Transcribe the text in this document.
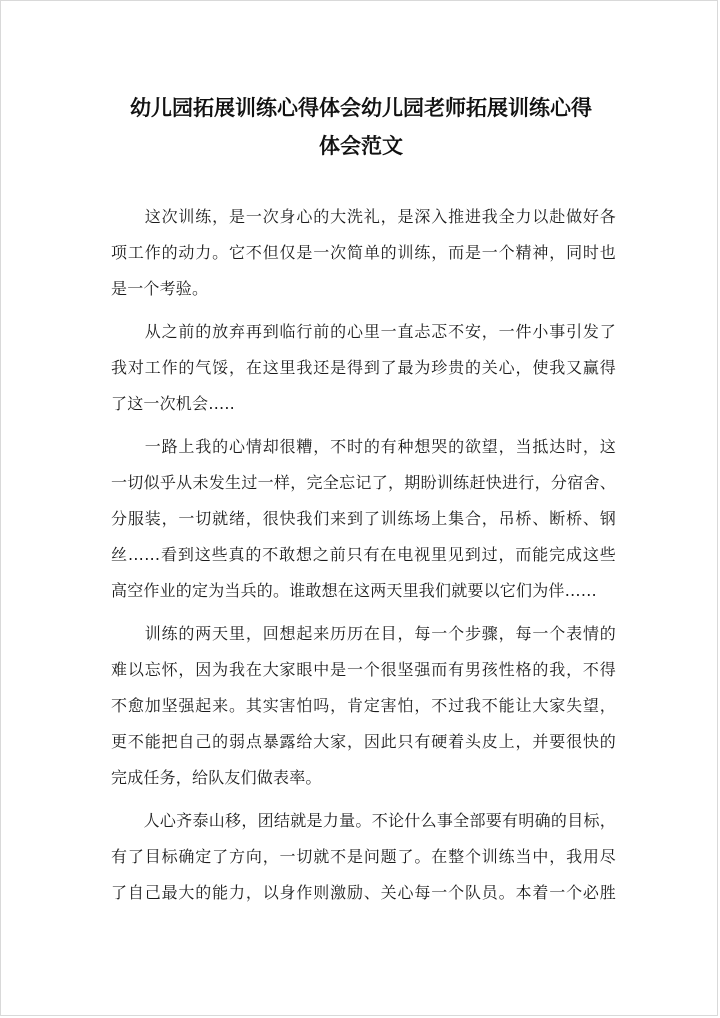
幼儿园拓展训练心得体会幼儿园老师拓展训练心得
体会范文
　　这次训练，是一次身心的大洗礼，是深入推进我全力以赴做好各
项工作的动力。它不但仅是一次简单的训练，而是一个精神，同时也
是一个考验。
　　从之前的放弃再到临行前的心里一直忐忑不安，一件小事引发了
我对工作的气馁，在这里我还是得到了最为珍贵的关心，使我又赢得
了这一次机会…..
　　一路上我的心情却很糟，不时的有种想哭的欲望，当抵达时，这
一切似乎从未发生过一样，完全忘记了，期盼训练赶快进行，分宿舍、
分服装，一切就绪，很快我们来到了训练场上集合，吊桥、断桥、钢
丝……看到这些真的不敢想之前只有在电视里见到过，而能完成这些
高空作业的定为当兵的。谁敢想在这两天里我们就要以它们为伴……
　　训练的两天里，回想起来历历在目，每一个步骤，每一个表情的
难以忘怀，因为我在大家眼中是一个很坚强而有男孩性格的我，不得
不愈加坚强起来。其实害怕吗，肯定害怕，不过我不能让大家失望，
更不能把自己的弱点暴露给大家，因此只有硬着头皮上，并要很快的
完成任务，给队友们做表率。
　　人心齐泰山移，团结就是力量。不论什么事全部要有明确的目标，
有了目标确定了方向，一切就不是问题了。在整个训练当中，我用尽
了自己最大的能力，以身作则激励、关心每一个队员。本着一个必胜
